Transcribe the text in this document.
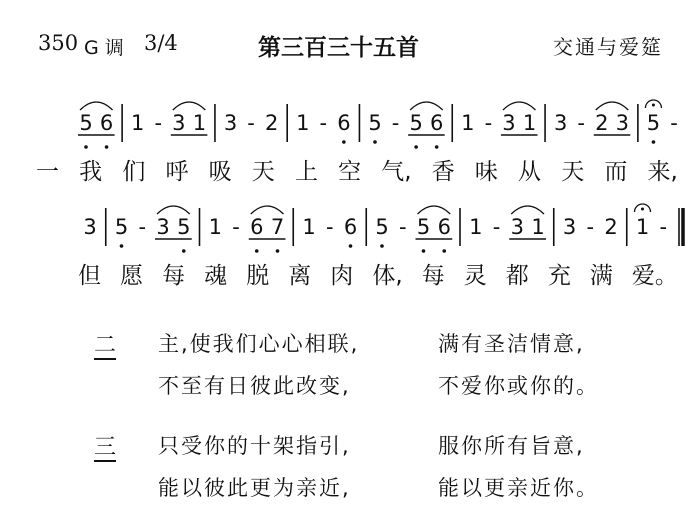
350 G 调 3/4	第三百三十五首	交通与爱筵
5 6 1 - 3 1 3 - 2 1 - 6 5 - 5 6 1 - 3 1 3 - 2 3 5 -
一 我 们 呼 吸 天 上 空 气, 香 味 从 天 而 来,
3 5 - 3 5 1 - 6 7 1 - 6 5 - 5 6 1 - 3 1 3 - 2 1 -
但 愿 每 魂 脱 离 肉 体, 每 灵 都 充 满 爱。
二 主,使我们心心相联,	满有圣洁情意,
不至有日彼此改变,	不爱你或你的。
三 只受你的十架指引,	服你所有旨意,
能以彼此更为亲近,	能以更亲近你。
